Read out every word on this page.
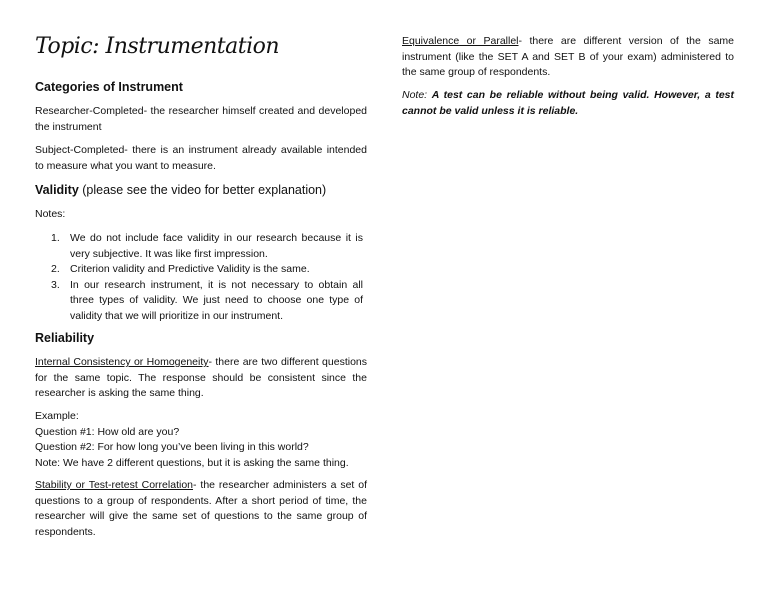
Topic: Instrumentation
Categories of Instrument

Researcher-Completed- the researcher himself created and developed the instrument

Subject-Completed- there is an instrument already available intended to measure what you want to measure.

Validity (please see the video for better explanation)

Notes:

1. We do not include face validity in our research because it is very subjective. It was like first impression.
2. Criterion validity and Predictive Validity is the same.
3. In our research instrument, it is not necessary to obtain all three types of validity. We just need to choose one type of validity that we will prioritize in our instrument.
Reliability

Internal Consistency or Homogeneity- there are two different questions for the same topic. The response should be consistent since the researcher is asking the same thing.

Example:
Question #1: How old are you?
Question #2: For how long you’ve been living in this world?
Note: We have 2 different questions, but it is asking the same thing.

Stability or Test-retest Correlation- the researcher administers a set of questions to a group of respondents. After a short period of time, the researcher will give the same set of questions to the same group of respondents.

Equivalence or Parallel- there are different version of the same instrument (like the SET A and SET B of your exam) administered to the same group of respondents.

Note: A test can be reliable without being valid. However, a test cannot be valid unless it is reliable.
